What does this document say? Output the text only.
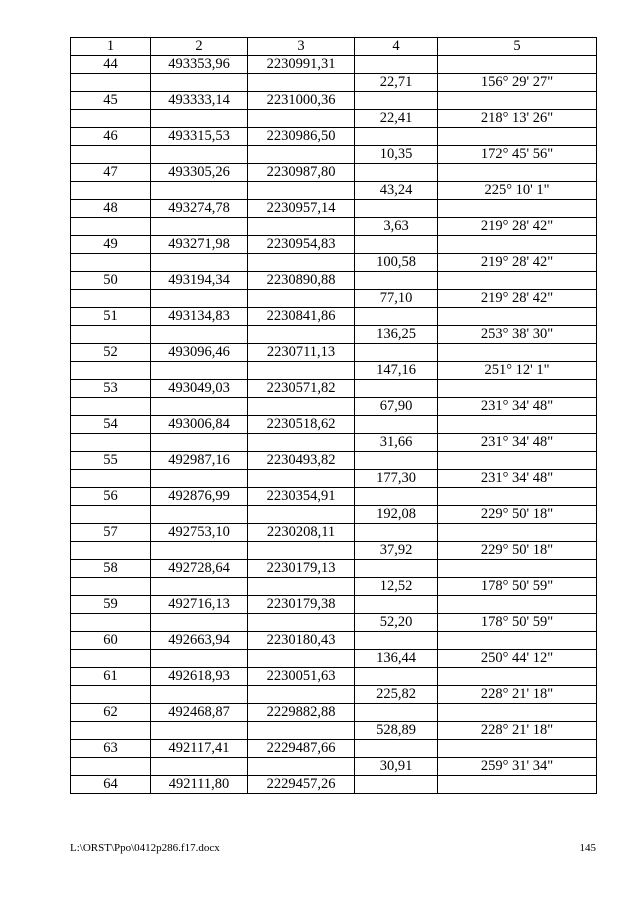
1	2	3	4	5
44	493353,96	2230991,31		
			22,71	156° 29' 27"
45	493333,14	2231000,36		
			22,41	218° 13' 26"
46	493315,53	2230986,50		
			10,35	172° 45' 56"
47	493305,26	2230987,80		
			43,24	225° 10' 1"
48	493274,78	2230957,14		
			3,63	219° 28' 42"
49	493271,98	2230954,83		
			100,58	219° 28' 42"
50	493194,34	2230890,88		
			77,10	219° 28' 42"
51	493134,83	2230841,86		
			136,25	253° 38' 30"
52	493096,46	2230711,13		
			147,16	251° 12' 1"
53	493049,03	2230571,82		
			67,90	231° 34' 48"
54	493006,84	2230518,62		
			31,66	231° 34' 48"
55	492987,16	2230493,82		
			177,30	231° 34' 48"
56	492876,99	2230354,91		
			192,08	229° 50' 18"
57	492753,10	2230208,11		
			37,92	229° 50' 18"
58	492728,64	2230179,13		
			12,52	178° 50' 59"
59	492716,13	2230179,38		
			52,20	178° 50' 59"
60	492663,94	2230180,43		
			136,44	250° 44' 12"
61	492618,93	2230051,63		
			225,82	228° 21' 18"
62	492468,87	2229882,88		
			528,89	228° 21' 18"
63	492117,41	2229487,66		
			30,91	259° 31' 34"
64	492111,80	2229457,26		
L:\ORST\Ppo\0412p286.f17.docx	145
